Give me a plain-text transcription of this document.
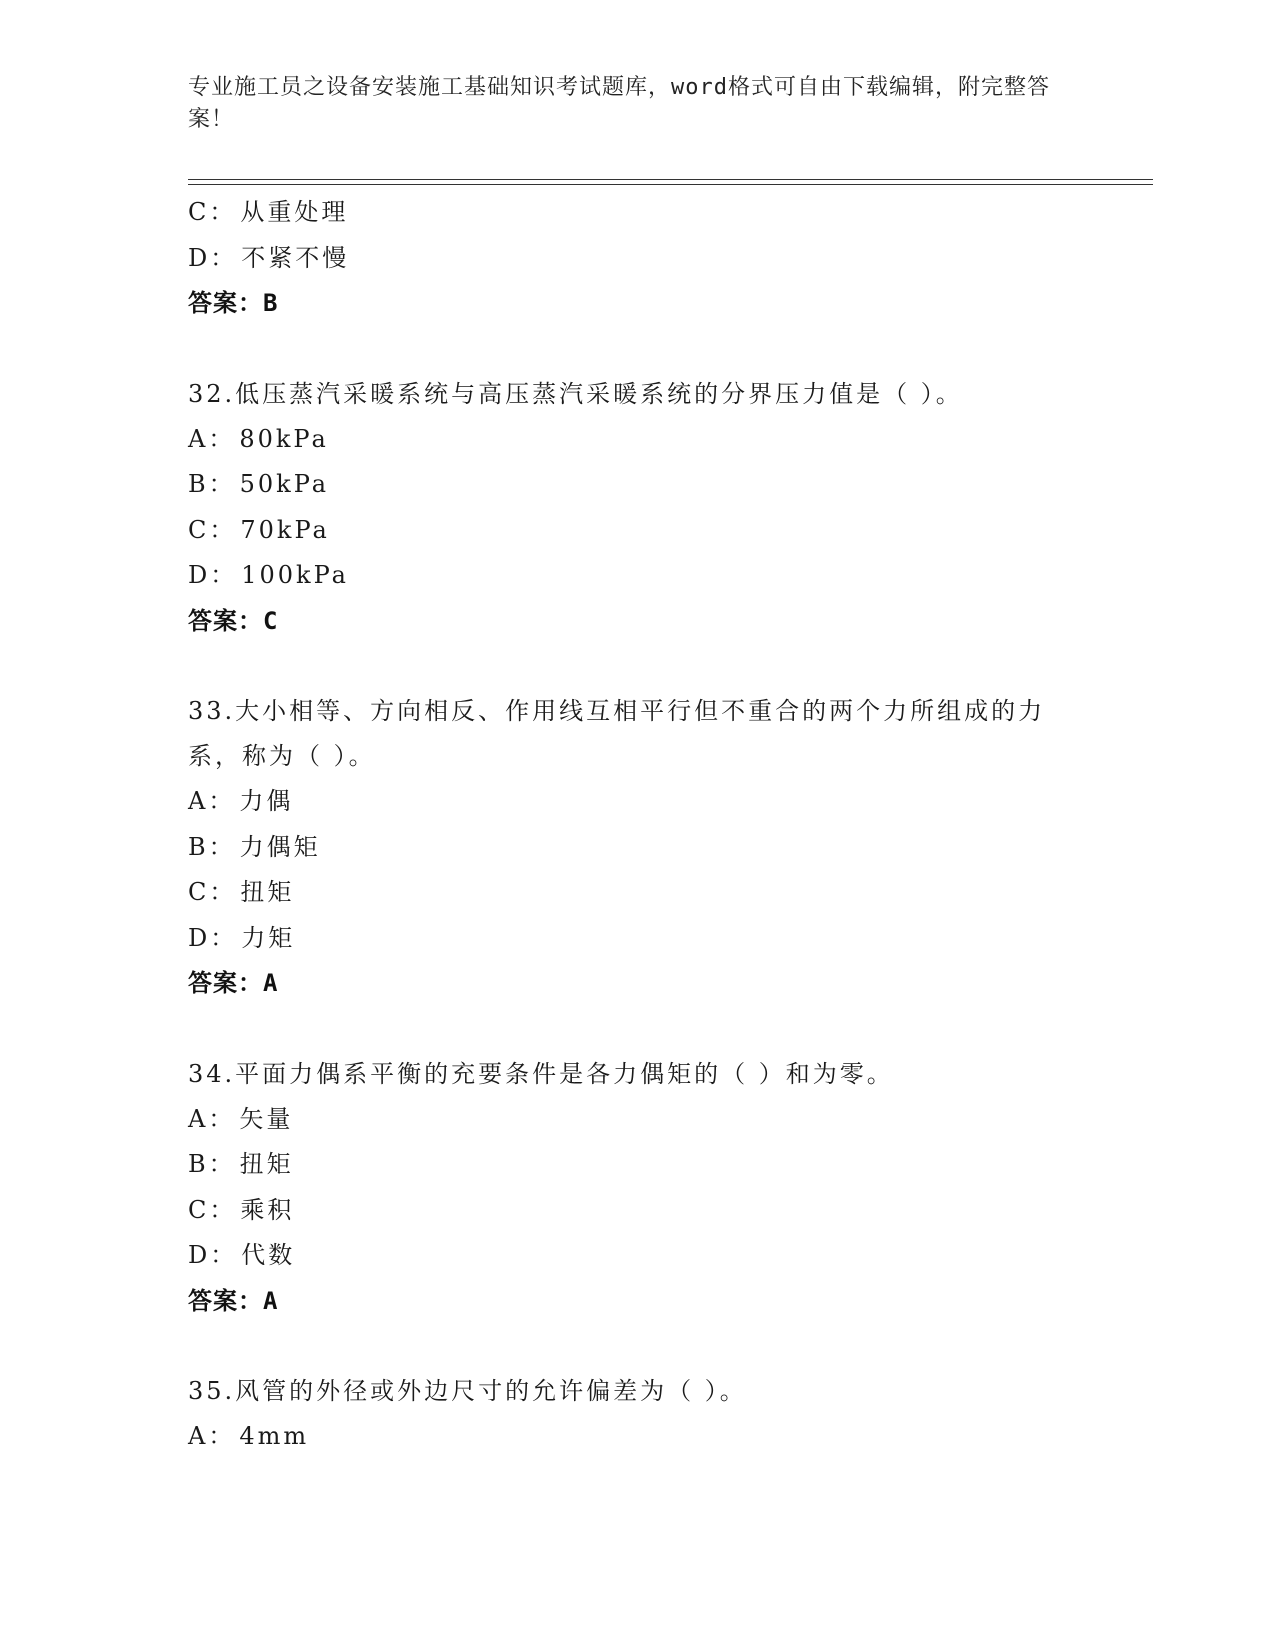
专业施工员之设备安装施工基础知识考试题库，word格式可自由下载编辑，附完整答案！
C： 从重处理
D： 不紧不慢
答案：B
32.低压蒸汽采暖系统与高压蒸汽采暖系统的分界压力值是（ ）。
A： 80kPa
B： 50kPa
C： 70kPa
D： 100kPa
答案：C
33.大小相等、方向相反、作用线互相平行但不重合的两个力所组成的力系，称为（ ）。
A： 力偶
B： 力偶矩
C： 扭矩
D： 力矩
答案：A
34.平面力偶系平衡的充要条件是各力偶矩的（ ）和为零。
A： 矢量
B： 扭矩
C： 乘积
D： 代数
答案：A
35.风管的外径或外边尺寸的允许偏差为（ ）。
A： 4mm
